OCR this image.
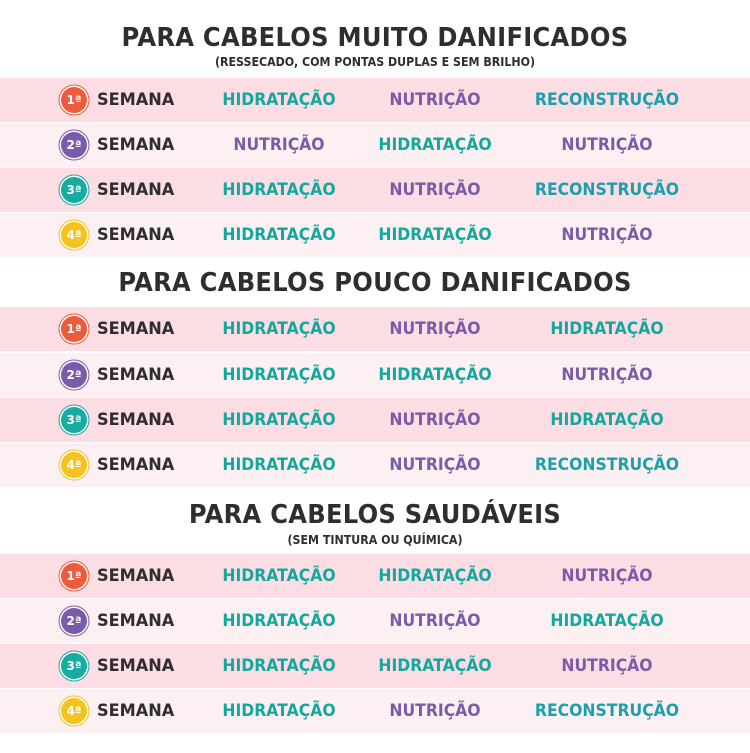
PARA CABELOS MUITO DANIFICADOS
(RESSECADO, COM PONTAS DUPLAS E SEM BRILHO)
1ª SEMANA	HIDRATAÇÃO	NUTRIÇÃO	RECONSTRUÇÃO
2ª SEMANA	NUTRIÇÃO	HIDRATAÇÃO	NUTRIÇÃO
3ª SEMANA	HIDRATAÇÃO	NUTRIÇÃO	RECONSTRUÇÃO
4ª SEMANA	HIDRATAÇÃO	HIDRATAÇÃO	NUTRIÇÃO
PARA CABELOS POUCO DANIFICADOS
1ª SEMANA	HIDRATAÇÃO	NUTRIÇÃO	HIDRATAÇÃO
2ª SEMANA	HIDRATAÇÃO	HIDRATAÇÃO	NUTRIÇÃO
3ª SEMANA	HIDRATAÇÃO	NUTRIÇÃO	HIDRATAÇÃO
4ª SEMANA	HIDRATAÇÃO	NUTRIÇÃO	RECONSTRUÇÃO
PARA CABELOS SAUDÁVEIS
(SEM TINTURA OU QUÍMICA)
1ª SEMANA	HIDRATAÇÃO	HIDRATAÇÃO	NUTRIÇÃO
2ª SEMANA	HIDRATAÇÃO	NUTRIÇÃO	HIDRATAÇÃO
3ª SEMANA	HIDRATAÇÃO	HIDRATAÇÃO	NUTRIÇÃO
4ª SEMANA	HIDRATAÇÃO	NUTRIÇÃO	RECONSTRUÇÃO
